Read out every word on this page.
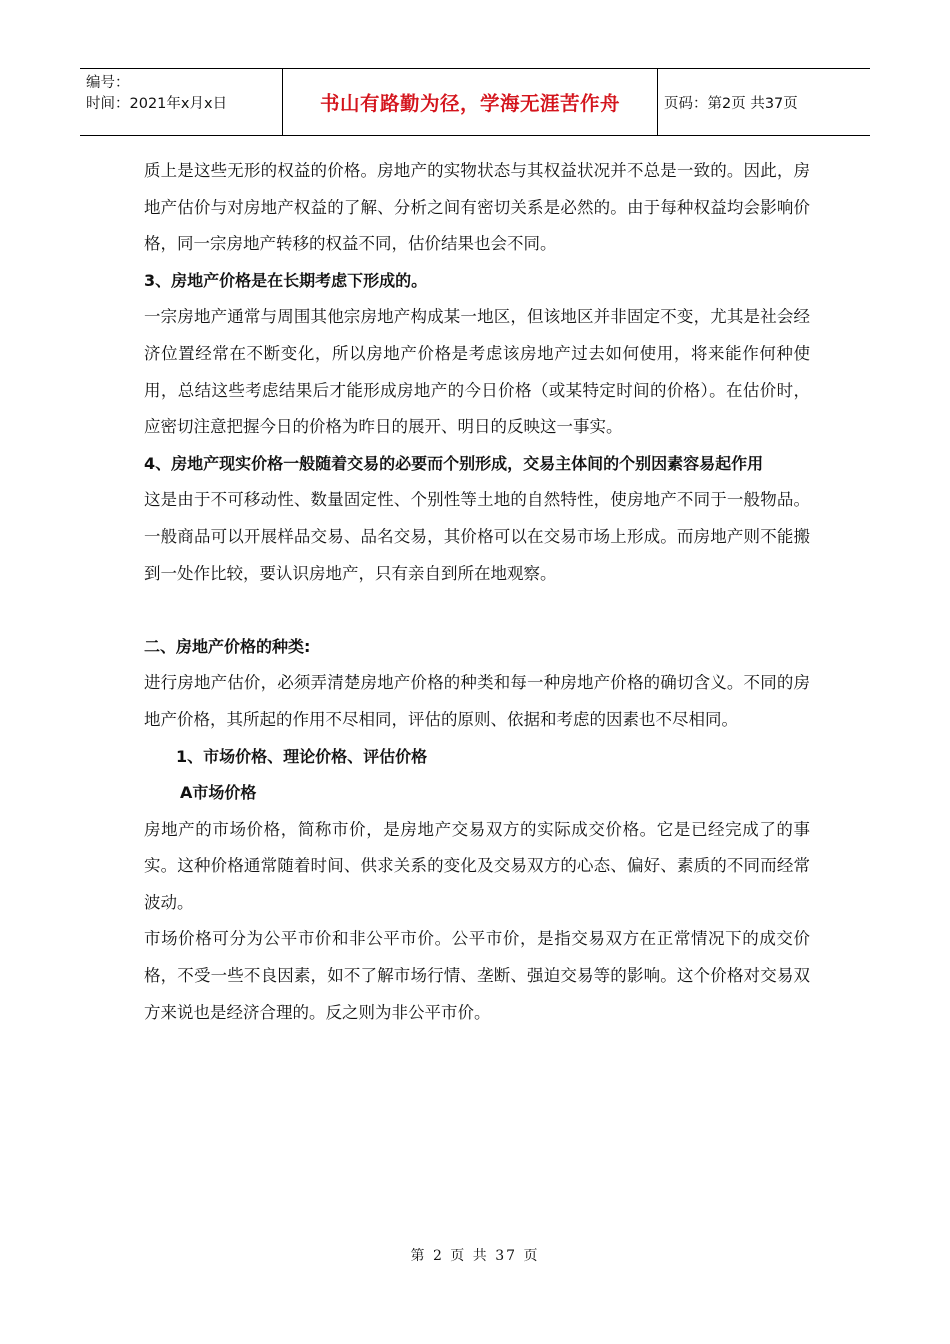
编号：
时间：2021年x月x日	书山有路勤为径，学海无涯苦作舟	页码：第2页 共37页

质上是这些无形的权益的价格。房地产的实物状态与其权益状况并不总是一致的。因此，房地产估价与对房地产权益的了解、分析之间有密切关系是必然的。由于每种权益均会影响价格，同一宗房地产转移的权益不同，估价结果也会不同。

3、房地产价格是在长期考虑下形成的。

一宗房地产通常与周围其他宗房地产构成某一地区，但该地区并非固定不变，尤其是社会经济位置经常在不断变化，所以房地产价格是考虑该房地产过去如何使用，将来能作何种使用，总结这些考虑结果后才能形成房地产的今日价格（或某特定时间的价格）。在估价时，应密切注意把握今日的价格为昨日的展开、明日的反映这一事实。

4、房地产现实价格一般随着交易的必要而个别形成，交易主体间的个别因素容易起作用

这是由于不可移动性、数量固定性、个别性等土地的自然特性，使房地产不同于一般物品。一般商品可以开展样品交易、品名交易，其价格可以在交易市场上形成。而房地产则不能搬到一处作比较，要认识房地产，只有亲自到所在地观察。

二、房地产价格的种类:

进行房地产估价，必须弄清楚房地产价格的种类和每一种房地产价格的确切含义。不同的房地产价格，其所起的作用不尽相同，评估的原则、依据和考虑的因素也不尽相同。

1、市场价格、理论价格、评估价格

A市场价格

房地产的市场价格，简称市价，是房地产交易双方的实际成交价格。它是已经完成了的事实。这种价格通常随着时间、供求关系的变化及交易双方的心态、偏好、素质的不同而经常波动。

市场价格可分为公平市价和非公平市价。公平市价，是指交易双方在正常情况下的成交价格，不受一些不良因素，如不了解市场行情、垄断、强迫交易等的影响。这个价格对交易双方来说也是经济合理的。反之则为非公平市价。

第 2 页 共 37 页
